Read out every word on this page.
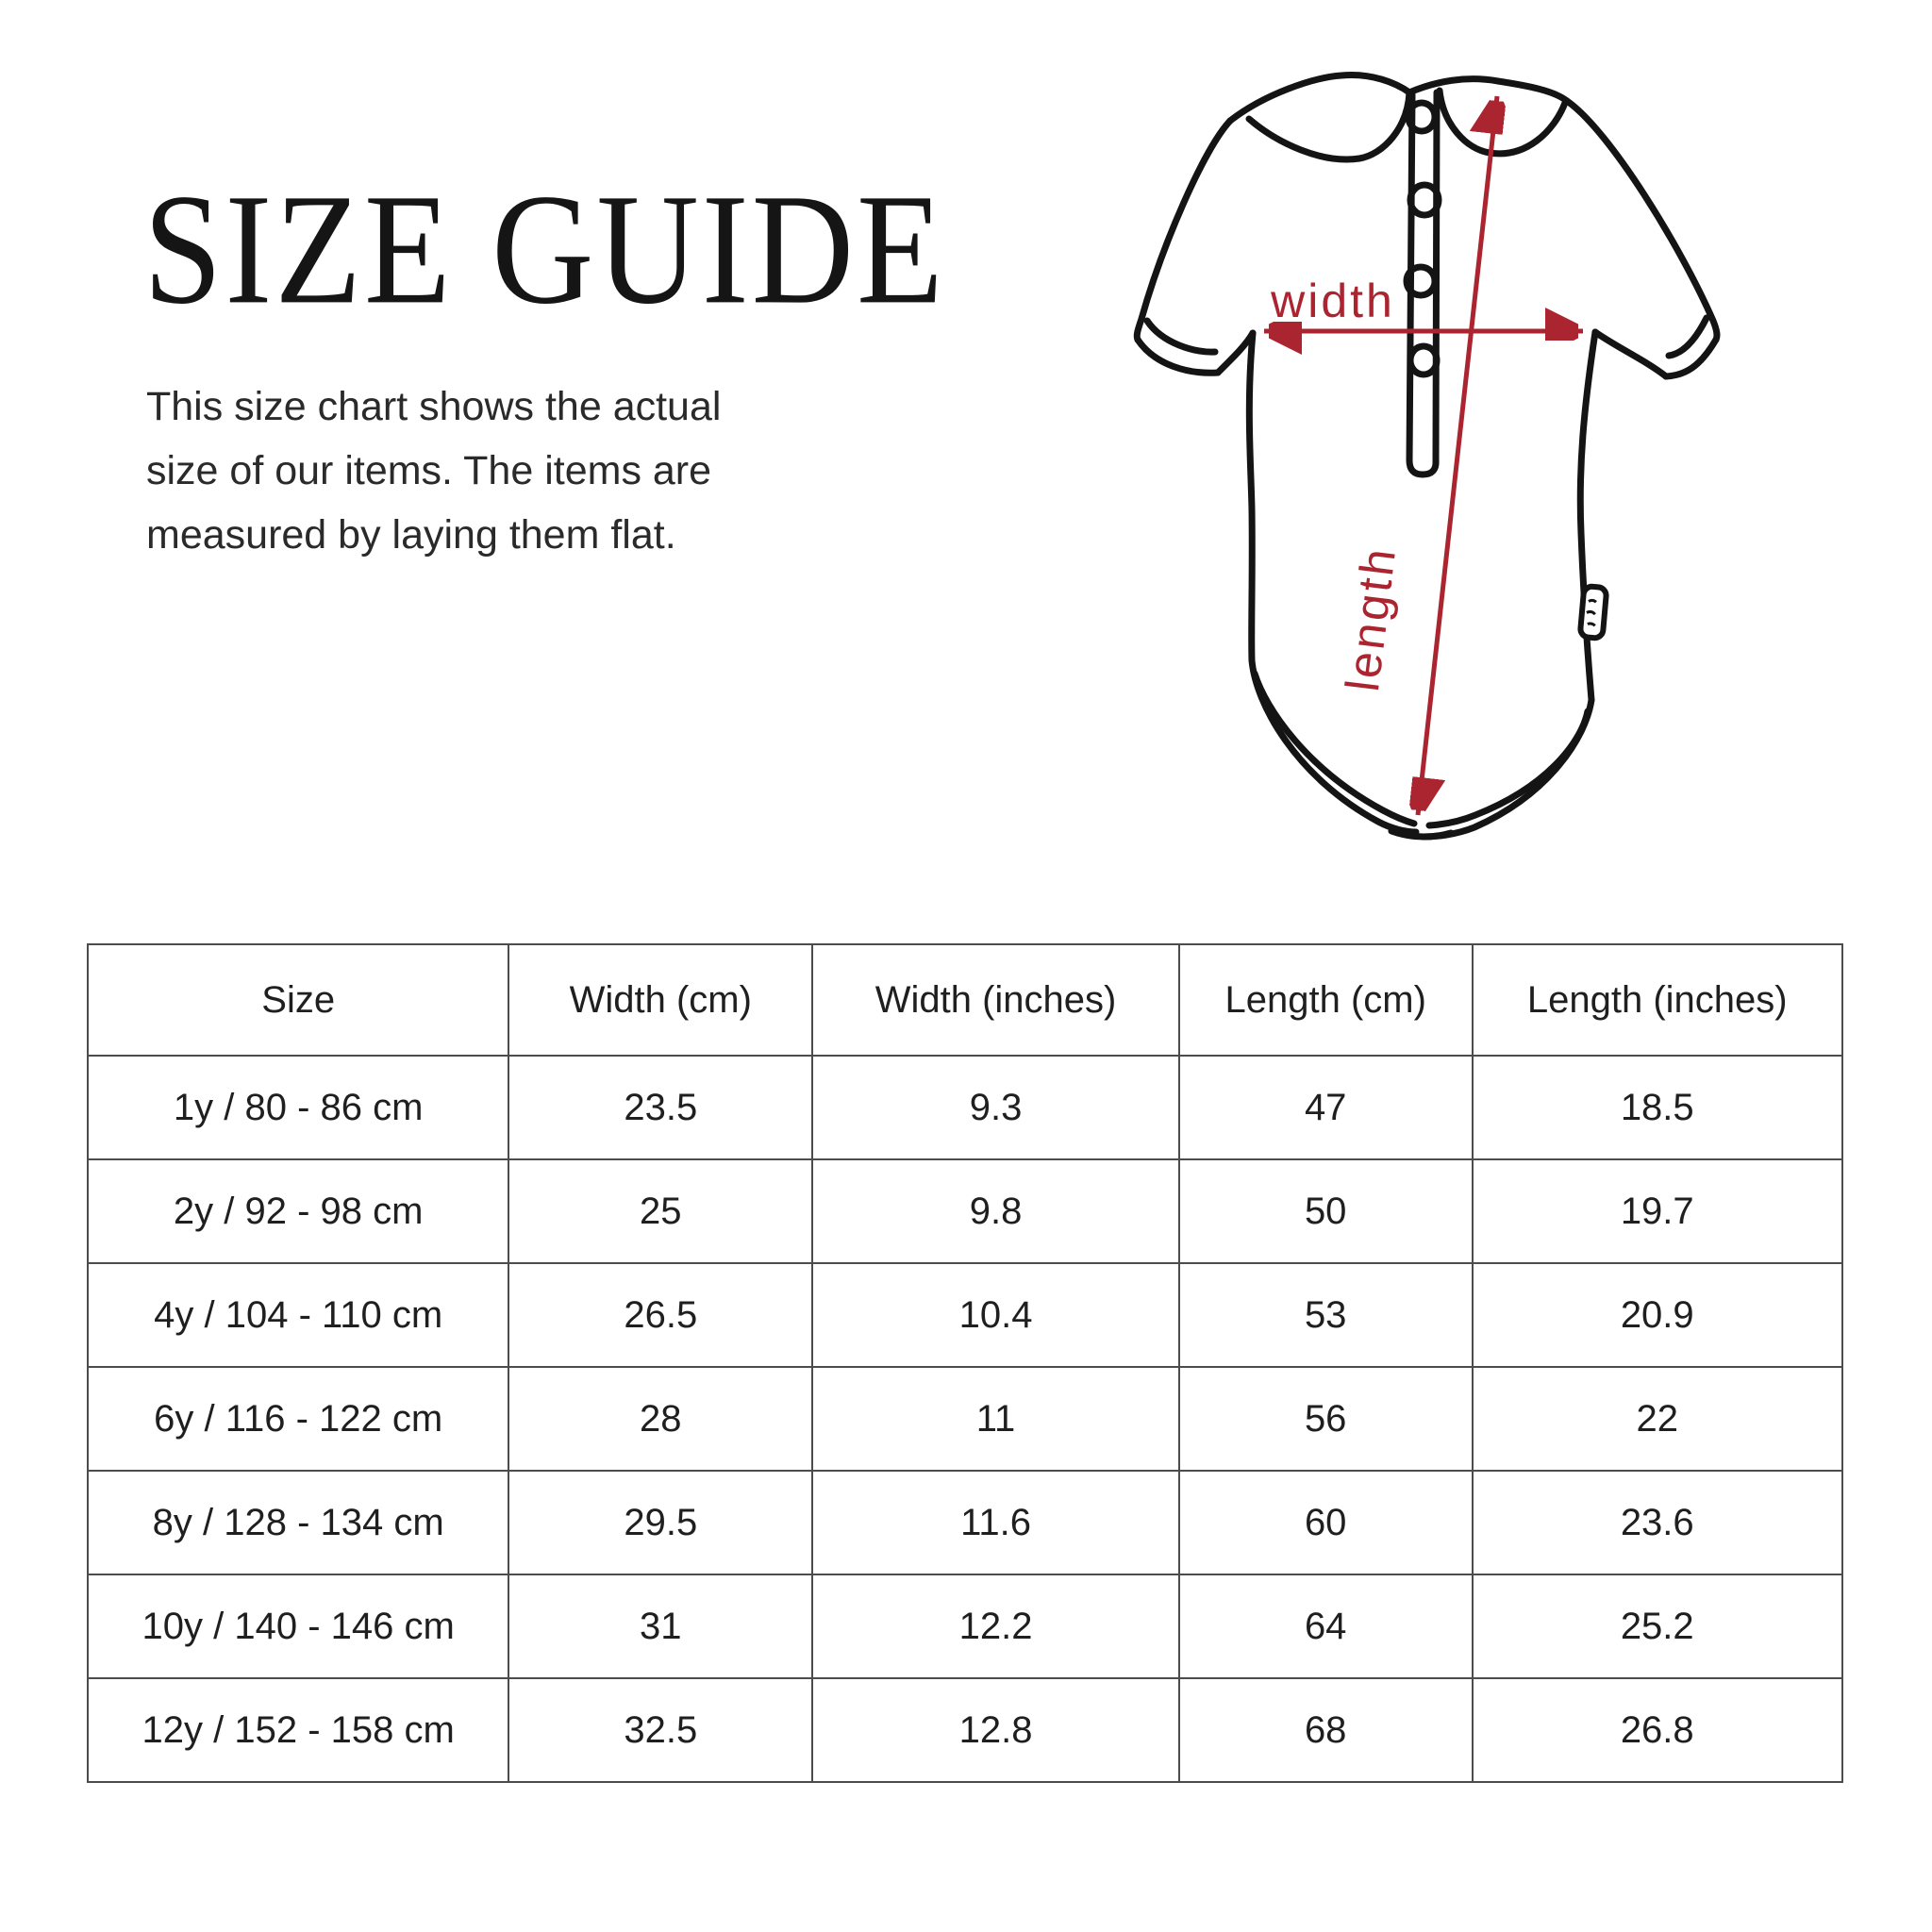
SIZE GUIDE

This size chart shows the actual size of our items. The items are measured by laying them flat.

width
length
Size	Width (cm)	Width (inches)	Length (cm)	Length (inches)
1y / 80 - 86 cm	23.5	9.3	47	18.5
2y / 92 - 98 cm	25	9.8	50	19.7
4y / 104 - 110 cm	26.5	10.4	53	20.9
6y / 116 - 122 cm	28	11	56	22
8y / 128 - 134 cm	29.5	11.6	60	23.6
10y / 140 - 146 cm	31	12.2	64	25.2
12y / 152 - 158 cm	32.5	12.8	68	26.8
